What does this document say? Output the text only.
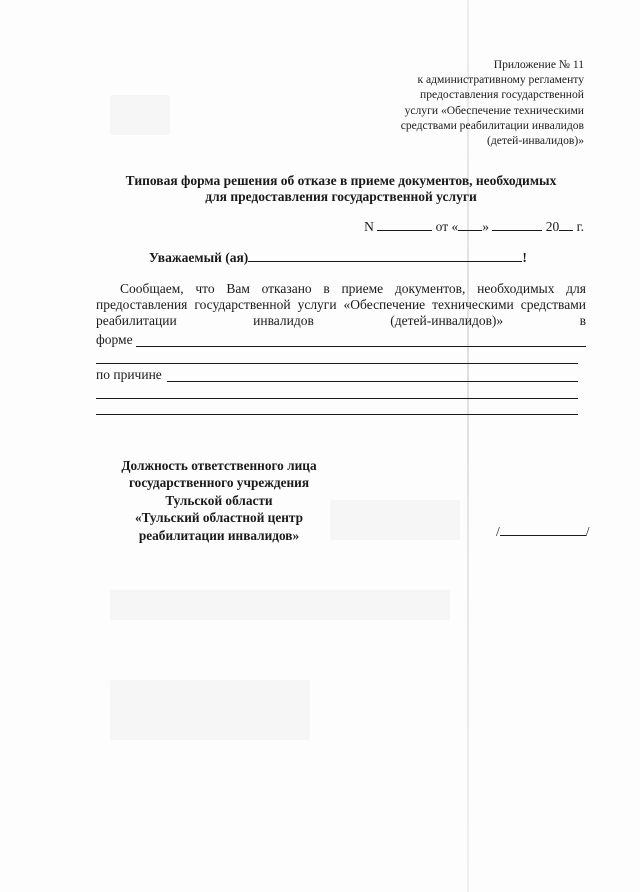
Приложение № 11
к административному регламенту
предоставления государственной
услуги «Обеспечение техническими
средствами реабилитации инвалидов
(детей-инвалидов)»
Типовая форма решения об отказе в приеме документов, необходимых
для предоставления государственной услуги
N	от « »	20 г.
Уважаемый (ая)	!
Сообщаем, что Вам отказано в приеме документов, необходимых для предоставления государственной услуги «Обеспечение техническими средствами реабилитации инвалидов (детей-инвалидов)» в
форме
по причине
Должность ответственного лица
государственного учреждения
Тульской области
«Тульский областной центр
реабилитации инвалидов»	/	/
